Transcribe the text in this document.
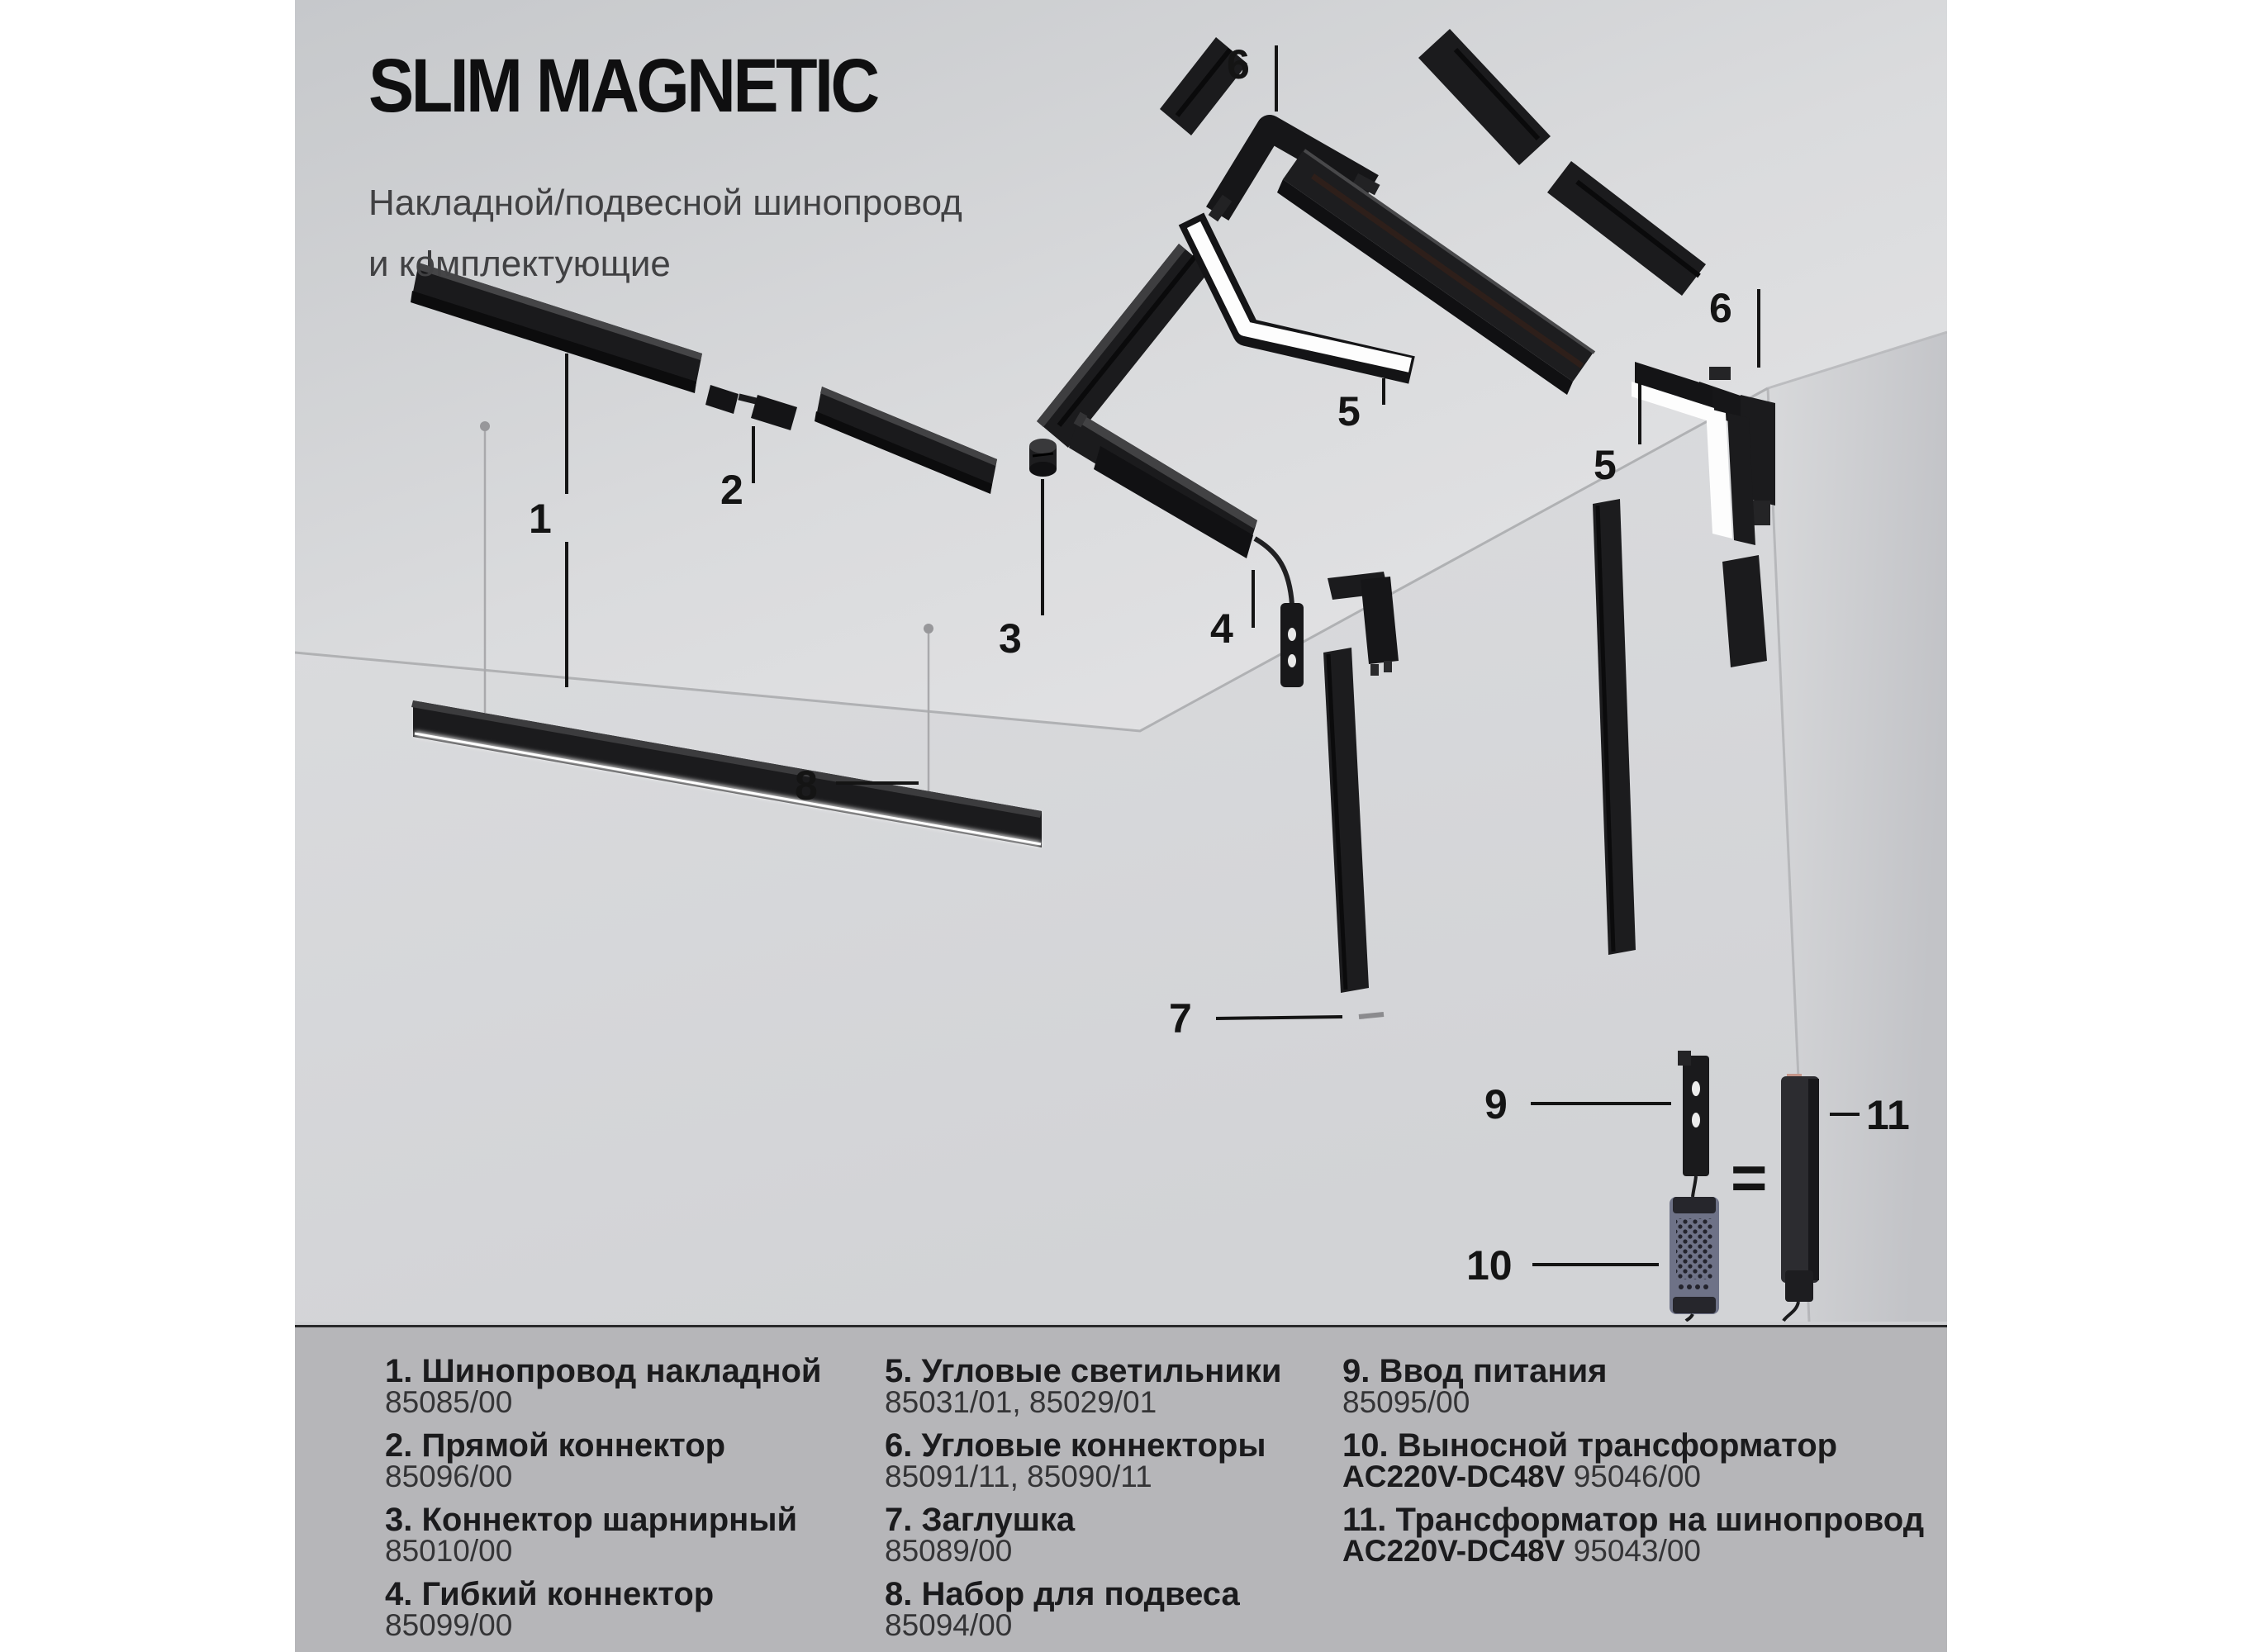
2
3
6
5
6
5
4
7
8
1
9
10
=
11
SLIM MAGNETIC
Накладной/подвесной шинопровод
и комплектующие
1. Шинопровод накладной
85085/00
2. Прямой коннектор
85096/00
3. Коннектор шарнирный
85010/00
4. Гибкий коннектор
85099/00
5. Угловые светильники
85031/01, 85029/01
6. Угловые коннекторы
85091/11, 85090/11
7. Заглушка
85089/00
8. Набор для подвеса
85094/00
9. Ввод питания
85095/00
10. Выносной трансформатор
AC220V-DC48V 95046/00
11. Трансформатор на шинопровод
AC220V-DC48V 95043/00
